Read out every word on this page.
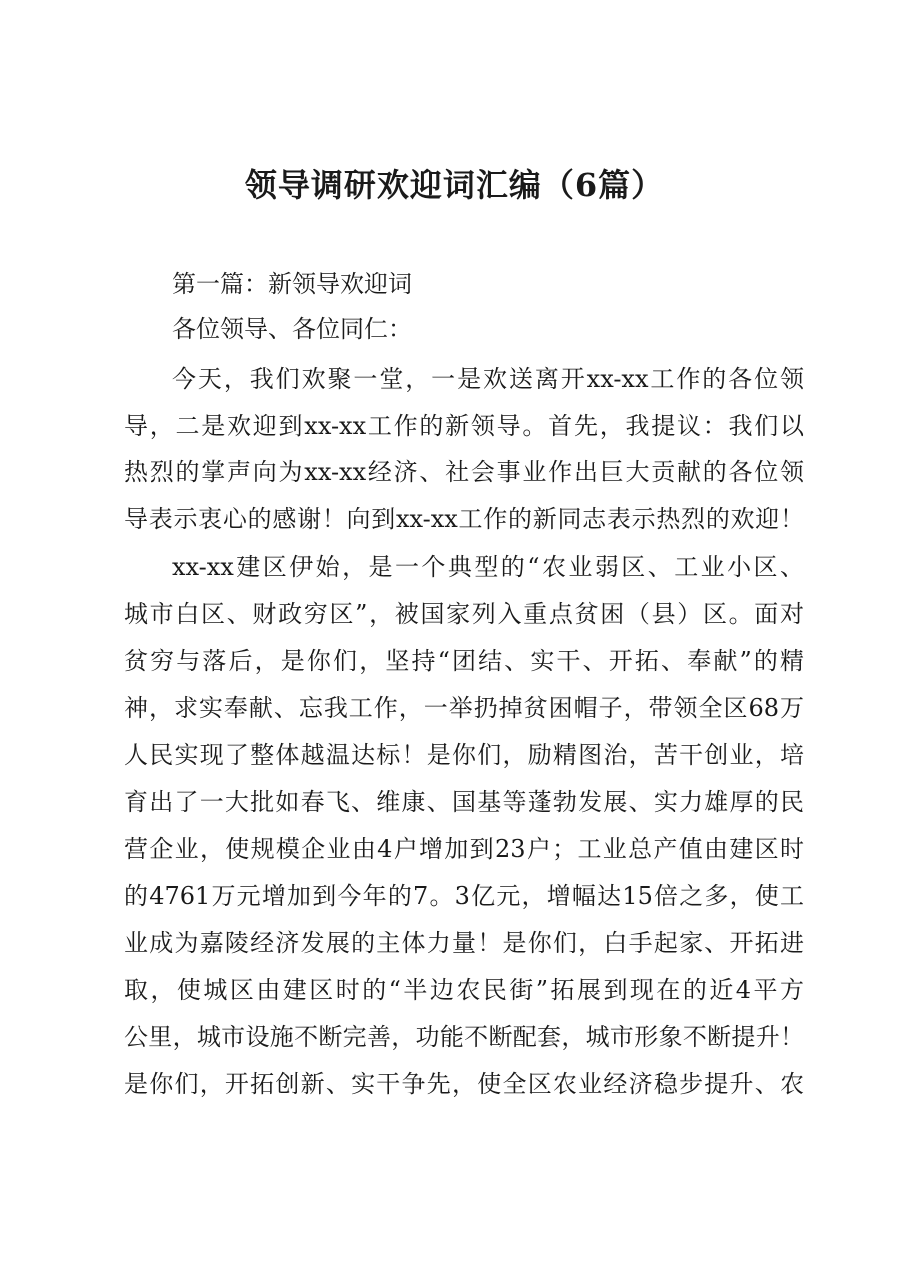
领导调研欢迎词汇编（6篇）

第一篇：新领导欢迎词

各位领导、各位同仁：

今天，我们欢聚一堂，一是欢送离开xx-xx工作的各位领

导，二是欢迎到xx-xx工作的新领导。首先，我提议：我们以

热烈的掌声向为xx-xx经济、社会事业作出巨大贡献的各位领

导表示衷心的感谢！向到xx-xx工作的新同志表示热烈的欢迎！

xx-xx建区伊始，是一个典型的“农业弱区、工业小区、

城市白区、财政穷区”，被国家列入重点贫困（县）区。面对

贫穷与落后，是你们，坚持“团结、实干、开拓、奉献”的精

神，求实奉献、忘我工作，一举扔掉贫困帽子，带领全区68万

人民实现了整体越温达标！是你们，励精图治，苦干创业，培

育出了一大批如春飞、维康、国基等蓬勃发展、实力雄厚的民

营企业，使规模企业由4户增加到23户；工业总产值由建区时

的4761万元增加到今年的7。3亿元，增幅达15倍之多，使工

业成为嘉陵经济发展的主体力量！是你们，白手起家、开拓进

取，使城区由建区时的“半边农民街”拓展到现在的近4平方

公里，城市设施不断完善，功能不断配套，城市形象不断提升！

是你们，开拓创新、实干争先，使全区农业经济稳步提升、农
